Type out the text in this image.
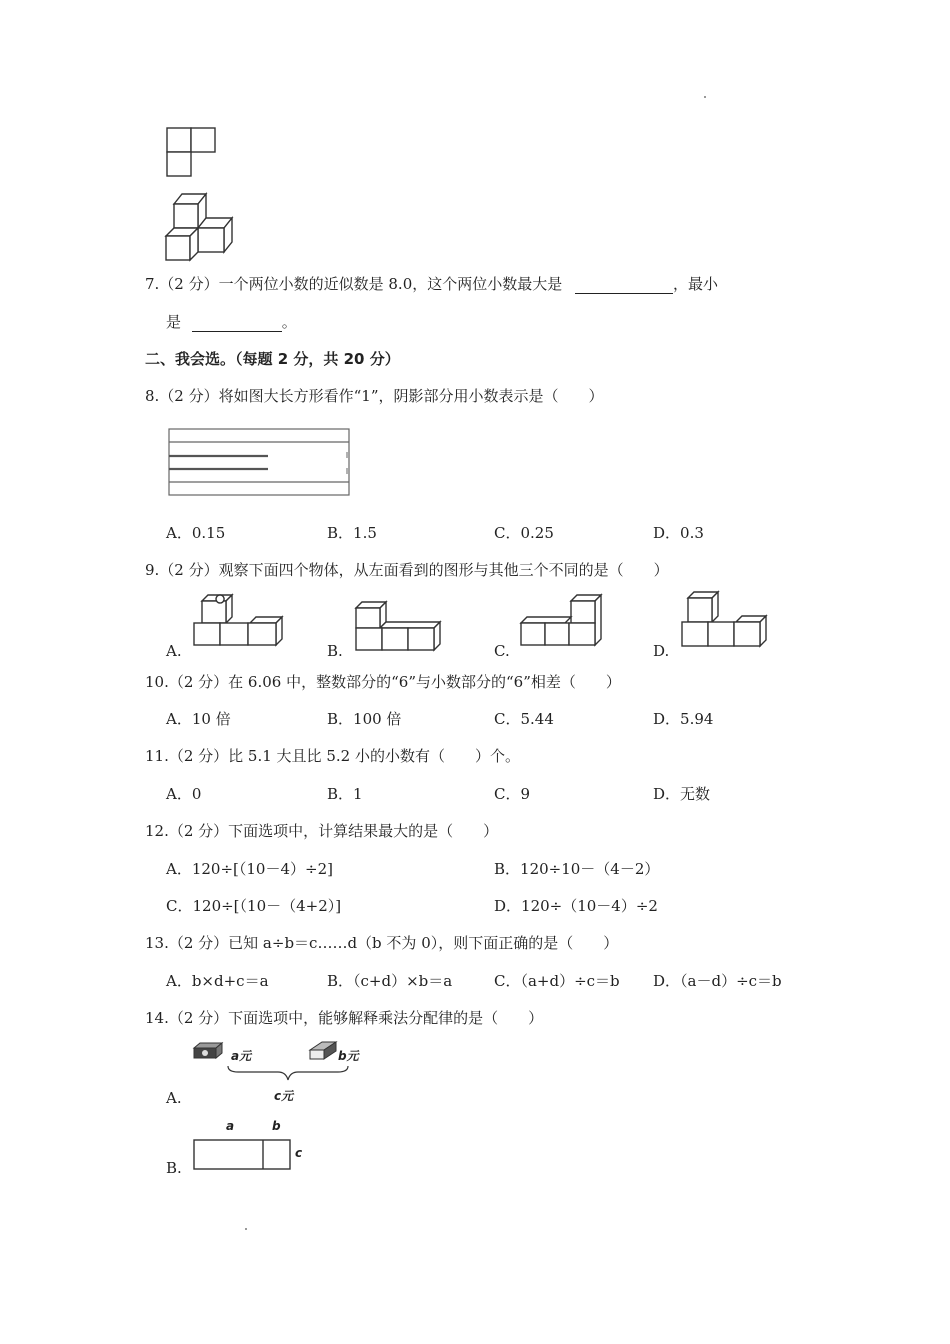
7.（2 分）一个两位小数的近似数是 8.0，这个两位小数最大是	，最小
是	。
二、我会选。（每题 2 分，共 20 分）
8.（2 分）将如图大长方形看作“1”，阴影部分用小数表示是（　　）
A．0.15	B．1.5	C．0.25	D．0.3
9.（2 分）观察下面四个物体，从左面看到的图形与其他三个不同的是（　　）
A.	B.	C.	D.
10.（2 分）在 6.06 中，整数部分的“6”与小数部分的“6”相差（　　）
A．10 倍	B．100 倍	C．5.44	D．5.94
11.（2 分）比 5.1 大且比 5.2 小的小数有（　　）个。
A．0	B．1	C．9	D．无数
12.（2 分）下面选项中，计算结果最大的是（　　）
A．120÷[（10－4）÷2]	B．120÷10－（4－2）
C．120÷[（10－（4+2）]	D．120÷（10－4）÷2
13.（2 分）已知 a÷b＝c……d（b 不为 0），则下面正确的是（　　）
A．b×d+c＝a	B．（c+d）×b＝a	C．（a+d）÷c＝b D．（a－d）÷c＝b
14.（2 分）下面选项中，能够解释乘法分配律的是（　　）
A.
a元	b元
c元
B.
a	b
c
